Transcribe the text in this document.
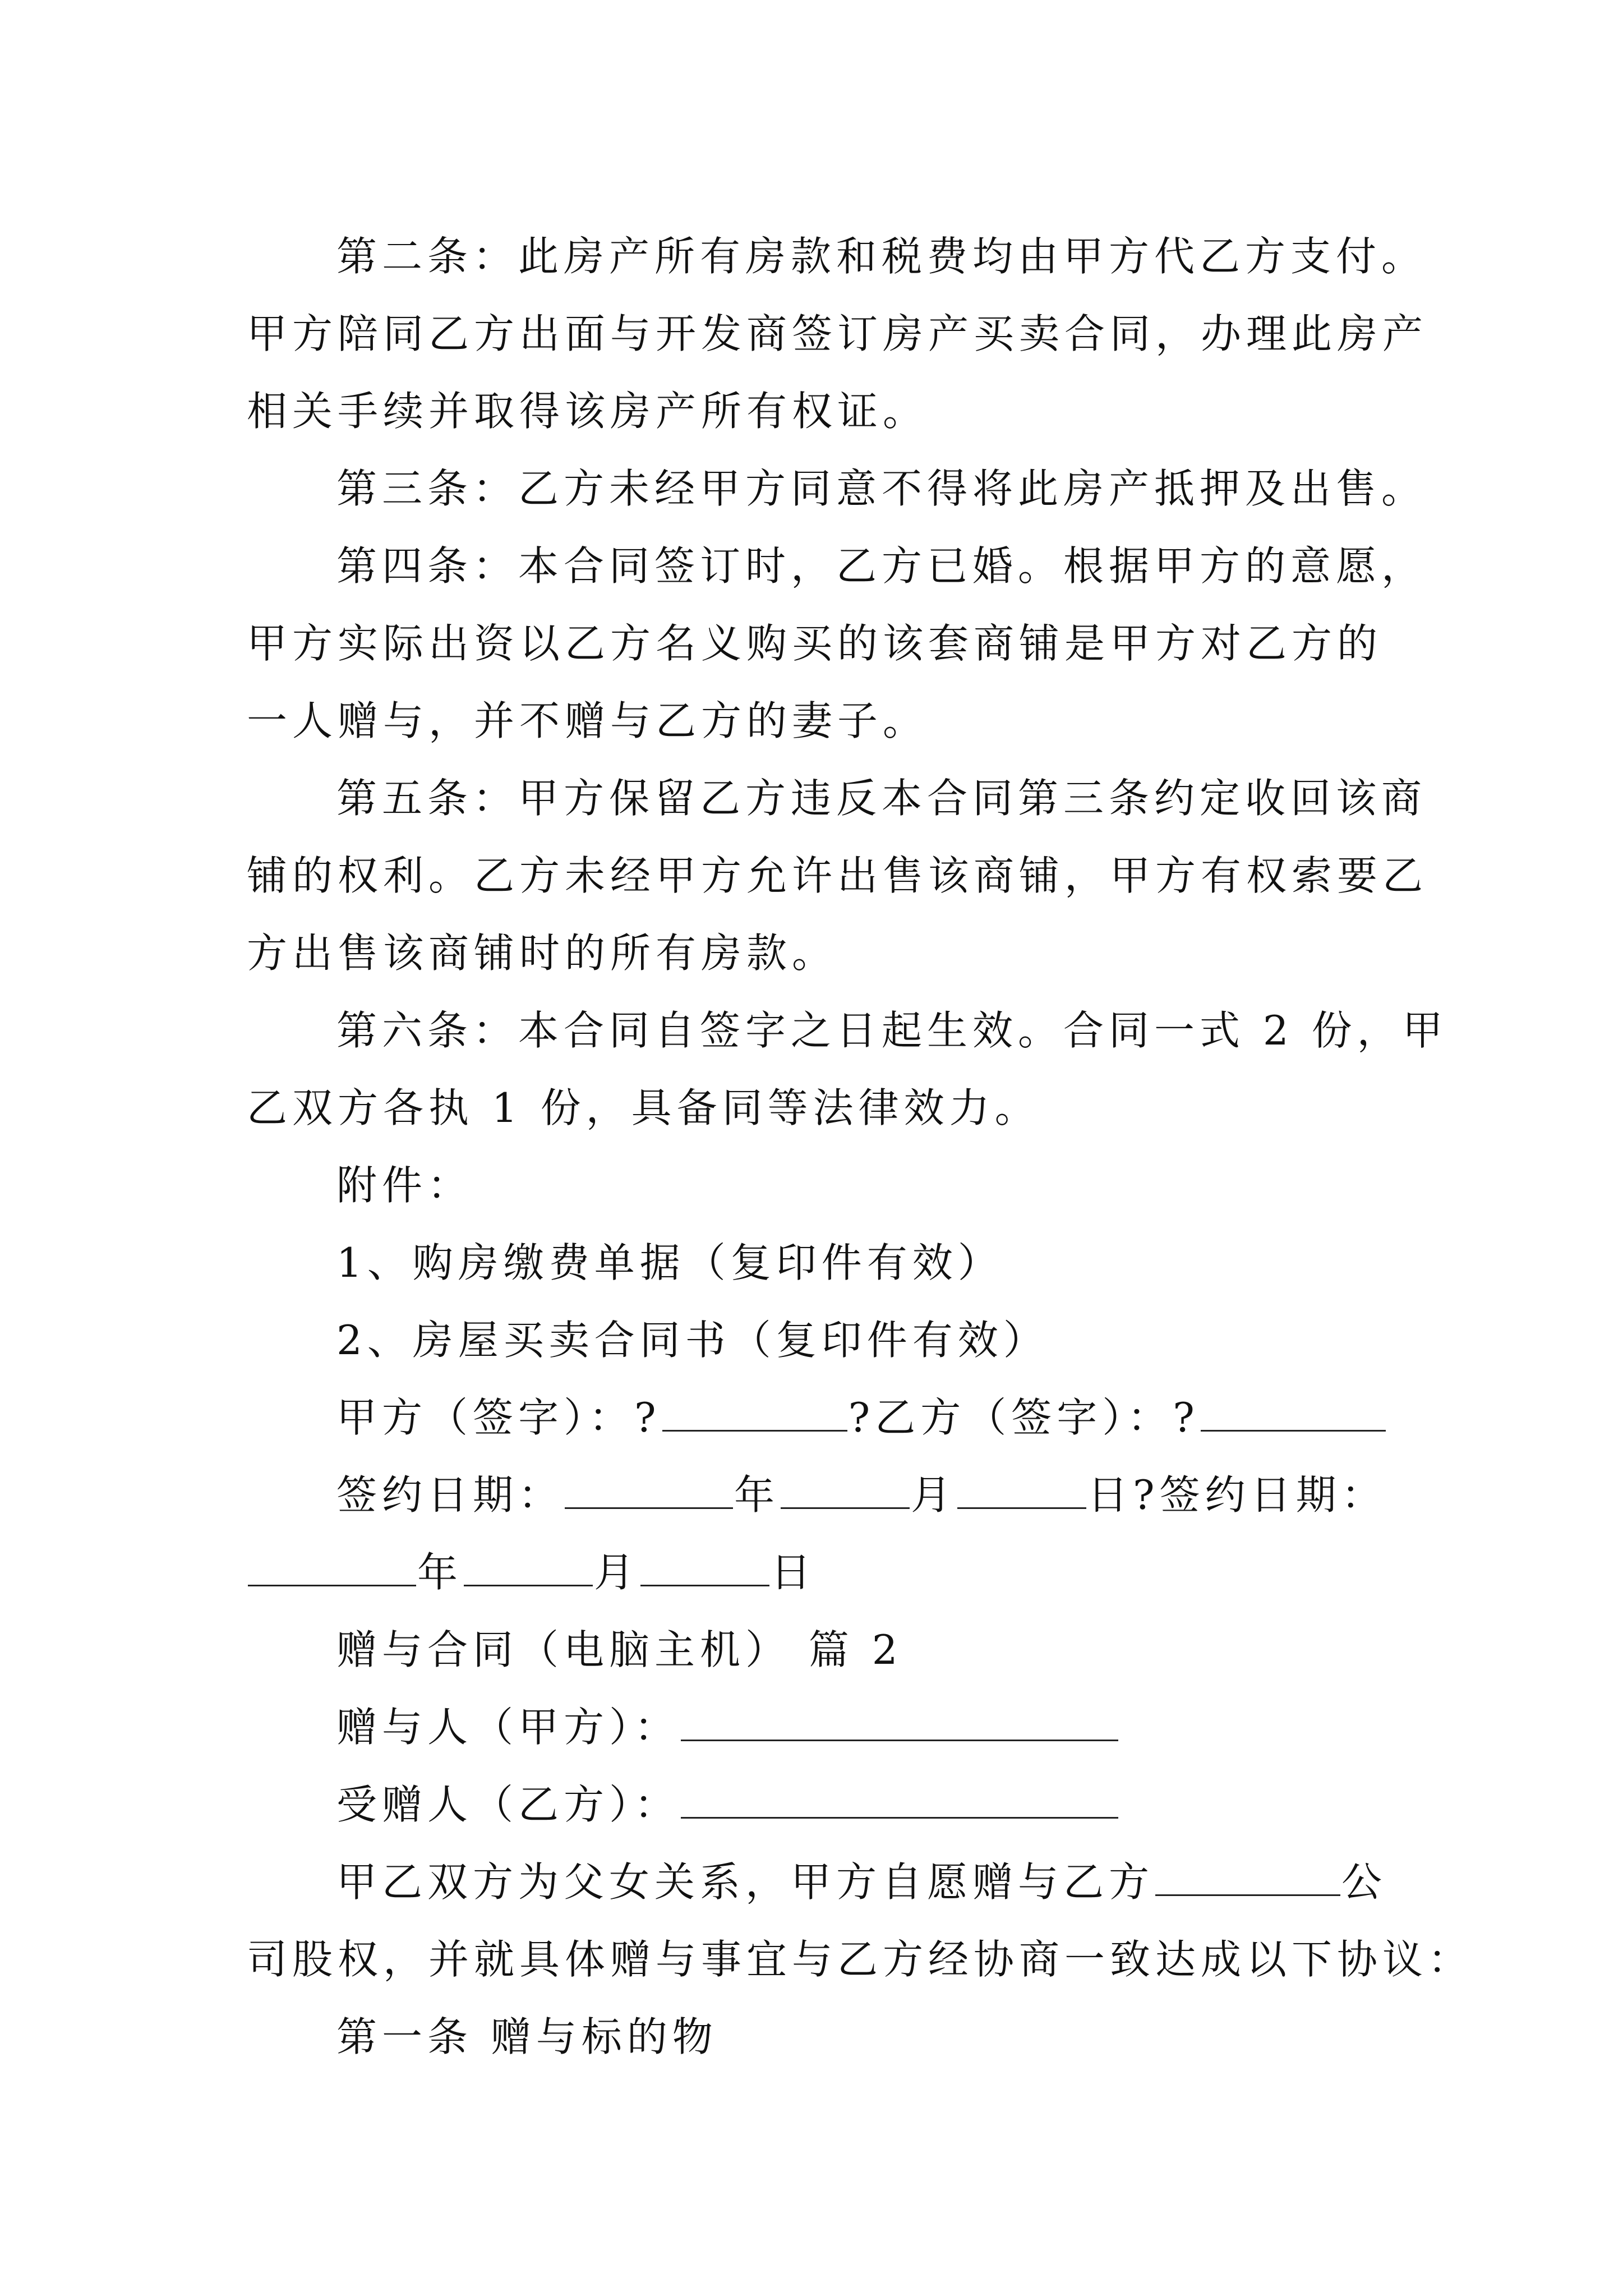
第二条：此房产所有房款和税费均由甲方代乙方支付。
甲方陪同乙方出面与开发商签订房产买卖合同，办理此房产
相关手续并取得该房产所有权证。
第三条：乙方未经甲方同意不得将此房产抵押及出售。
第四条：本合同签订时，乙方已婚。根据甲方的意愿，
甲方实际出资以乙方名义购买的该套商铺是甲方对乙方的
一人赠与，并不赠与乙方的妻子。
第五条：甲方保留乙方违反本合同第三条约定收回该商
铺的权利。乙方未经甲方允许出售该商铺，甲方有权索要乙
方出售该商铺时的所有房款。
第六条：本合同自签字之日起生效。合同一式 2 份，甲
乙双方各执 1 份，具备同等法律效力。
附件：
1、购房缴费单据（复印件有效）
2、房屋买卖合同书（复印件有效）
甲方（签字）：?	?乙方（签字）：?
签约日期：	年	月	日?签约日期：
年	月	日
赠与合同（电脑主机） 篇 2
赠与人（甲方）：
受赠人（乙方）：
甲乙双方为父女关系，甲方自愿赠与乙方	公
司股权，并就具体赠与事宜与乙方经协商一致达成以下协议：
第一条 赠与标的物
